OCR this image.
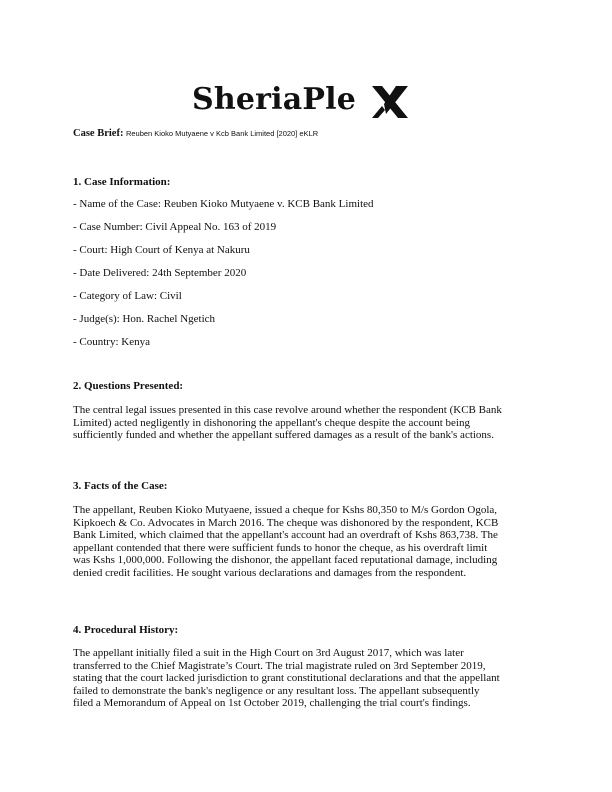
SheriaPle
Case Brief: Reuben Kioko Mutyaene v Kcb Bank Limited [2020] eKLR
1. Case Information:
- Name of the Case: Reuben Kioko Mutyaene v. KCB Bank Limited
- Case Number: Civil Appeal No. 163 of 2019
- Court: High Court of Kenya at Nakuru
- Date Delivered: 24th September 2020
- Category of Law: Civil
- Judge(s): Hon. Rachel Ngetich
- Country: Kenya
2. Questions Presented:
The central legal issues presented in this case revolve around whether the respondent (KCB Bank
Limited) acted negligently in dishonoring the appellant's cheque despite the account being
sufficiently funded and whether the appellant suffered damages as a result of the bank's actions.
3. Facts of the Case:
The appellant, Reuben Kioko Mutyaene, issued a cheque for Kshs 80,350 to M/s Gordon Ogola,
Kipkoech & Co. Advocates in March 2016. The cheque was dishonored by the respondent, KCB
Bank Limited, which claimed that the appellant's account had an overdraft of Kshs 863,738. The
appellant contended that there were sufficient funds to honor the cheque, as his overdraft limit
was Kshs 1,000,000. Following the dishonor, the appellant faced reputational damage, including
denied credit facilities. He sought various declarations and damages from the respondent.
4. Procedural History:
The appellant initially filed a suit in the High Court on 3rd August 2017, which was later
transferred to the Chief Magistrate’s Court. The trial magistrate ruled on 3rd September 2019,
stating that the court lacked jurisdiction to grant constitutional declarations and that the appellant
failed to demonstrate the bank's negligence or any resultant loss. The appellant subsequently
filed a Memorandum of Appeal on 1st October 2019, challenging the trial court's findings.
